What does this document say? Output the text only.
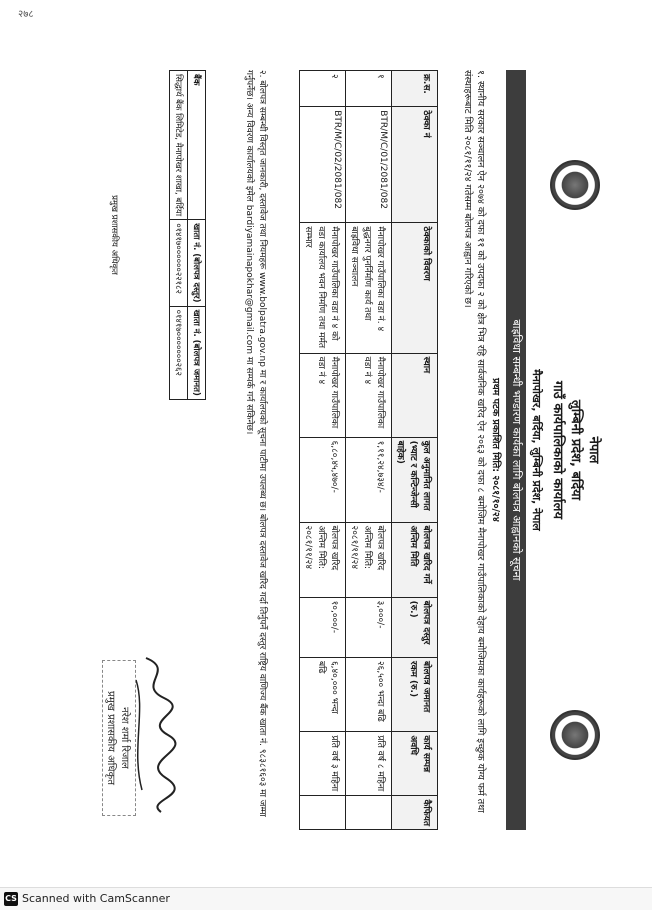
२७८
नेपाल
लुम्बिनी प्रदेश, बर्दिया
गाउँ कार्यपालिकाको कार्यालय
मैनापोखर, बर्दिया, लुम्बिनी प्रदेश, नेपाल
बाह्रविधा सम्बन्धी भण्डारण कार्यका लागि बोलपत्र आह्वानको सूचना
प्रथम पटक प्रकाशित मिति: २०८१/१०/२४
१. स्थानीय सरकार सञ्चालन ऐन २०७४ को दफा ११ को उपदफा २ को क्षेत्र भित्र रहि सार्वजनिक खरिद ऐन २०६३ को दफा ८ बमोजिम मैनापोखर गाउँपालिकाको देहाय बमोजिमका कार्यहरूको लागि इच्छुक योग्य फर्म तथा संस्थाहरूबाट मिति २०८१/११/२४ गतेसम्म बोलपत्र आह्वान गरिएको छ।
क्र.स.	ठेक्का नं	ठेक्काको विवरण	स्थान	कुल अनुमानित लागत (भ्याट र कन्टिन्जेन्सी बाहेक)	बोलपत्र खरिद गर्ने अन्तिम मिति	बोलपत्र दस्तुर (रु.)	बोलपत्र जमानत रकम (रु.)	कार्य सम्पन्न अवधि	कैफियत
१	BTR/M/C/01/2081/082	मैनापोखर गाउँपालिका वडा नं. ४ बुद्धनगर पुनर्निर्माण कार्य तथा बाह्रविधा सञ्चालन	मैनापोखर गाउँपालिका वडा नं ४	१,११,२४,७३४/-	बोलपत्र खरिद अन्तिम मिति: २०८१/११/२४	३,०००/-	२६,५०० भन्दा बढि	प्रति वर्ष ८ महिना	
२	BTR/M/C/02/2081/082	मैनापोखर गाउँपालिका वडा नं ४ को वडा कार्यालय भवन निर्माण तथा मर्मत सम्भार	मैनापोखर गाउँपालिका वडा नं ४	६,८०,४५,४७०/-	बोलपत्र खरिद अन्तिम मिति: २०८१/११/२४	१०,०००/-	६,४०,००० भन्दा बढि	प्रति वर्ष ३ महिना	
२. बोलपत्र सम्बन्धी विस्तृत जानकारी, दस्तावेज तथा नियमहरू www.bolpatra.gov.np मा र कार्यालयको सूचना पाटीमा उपलब्ध छ। बोलपत्र दस्तावेज खरिद गर्दा तिर्नुपर्ने दस्तुर राष्ट्रिय वाणिज्य बैंक खाता नं. ९८३८१६०३ मा जम्मा गर्नुपर्नेछ। अन्य विवरण कार्यालयको इमेल bardiyamainapokhar@gmail.com मा सम्पर्क गर्न सकिनेछ।
बैंक	खाता नं. (बोलपत्र दस्तुर)	खाता नं. (बोलपत्र जमानत)
सिद्धार्थ बैंक लिमिटेड, मैनापोखर शाखा, बर्दिया	०१४१७००००००२२१८२	०१४१७०००००००२६२
प्रमुख प्रशासकीय अधिकृत
नरेश शर्मा रिजाल
प्रमुख प्रशासकीय अधिकृत
CS Scanned with CamScanner
